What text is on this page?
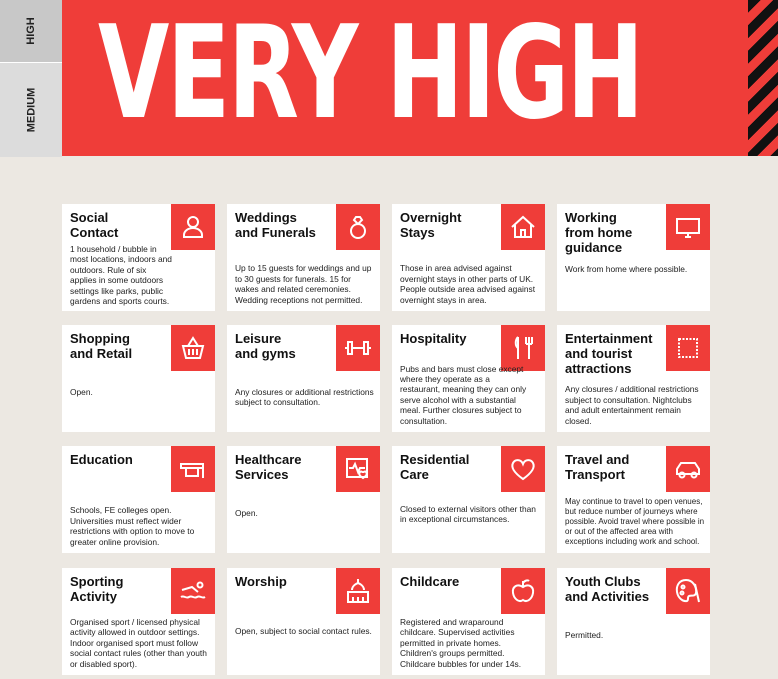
HIGH
MEDIUM VERY HIGH
Social
Contact
1 household / bubble in most locations, indoors and outdoors. Rule of six applies in some outdoors settings like parks, public gardens and sports courts.
Weddings
and Funerals
Up to 15 guests for weddings and up to 30 guests for funerals. 15 for wakes and related ceremonies. Wedding receptions not permitted.
Overnight
Stays
Those in area advised against overnight stays in other parts of UK. People outside area advised against overnight stays in area.
Working
from home
guidance
Work from home where possible.
Shopping
and Retail
Open.
Leisure
and gyms
Any closures or additional restrictions subject to consultation.
Hospitality
Pubs and bars must close except where they operate as a restaurant, meaning they can only serve alcohol with a substantial meal. Further closures subject to consultation.
Entertainment
and tourist
attractions
Any closures / additional restrictions subject to consultation. Nightclubs and adult entertainment remain closed.
Education
Schools, FE colleges open. Universities must reflect wider restrictions with option to move to greater online provision.
Healthcare
Services
Open.
Residential
Care
Closed to external visitors other than in exceptional circumstances.
Travel and
Transport
May continue to travel to open venues, but reduce number of journeys where possible. Avoid travel where possible in or out of the affected area with exceptions including work and school.
Sporting
Activity
Organised sport / licensed physical activity allowed in outdoor settings. Indoor organised sport must follow social contact rules (other than youth or disabled sport).
Worship
Open, subject to social contact rules.
Childcare
Registered and wraparound childcare. Supervised activities permitted in private homes. Children's groups permitted. Childcare bubbles for under 14s.
Youth Clubs
and Activities
Permitted.
